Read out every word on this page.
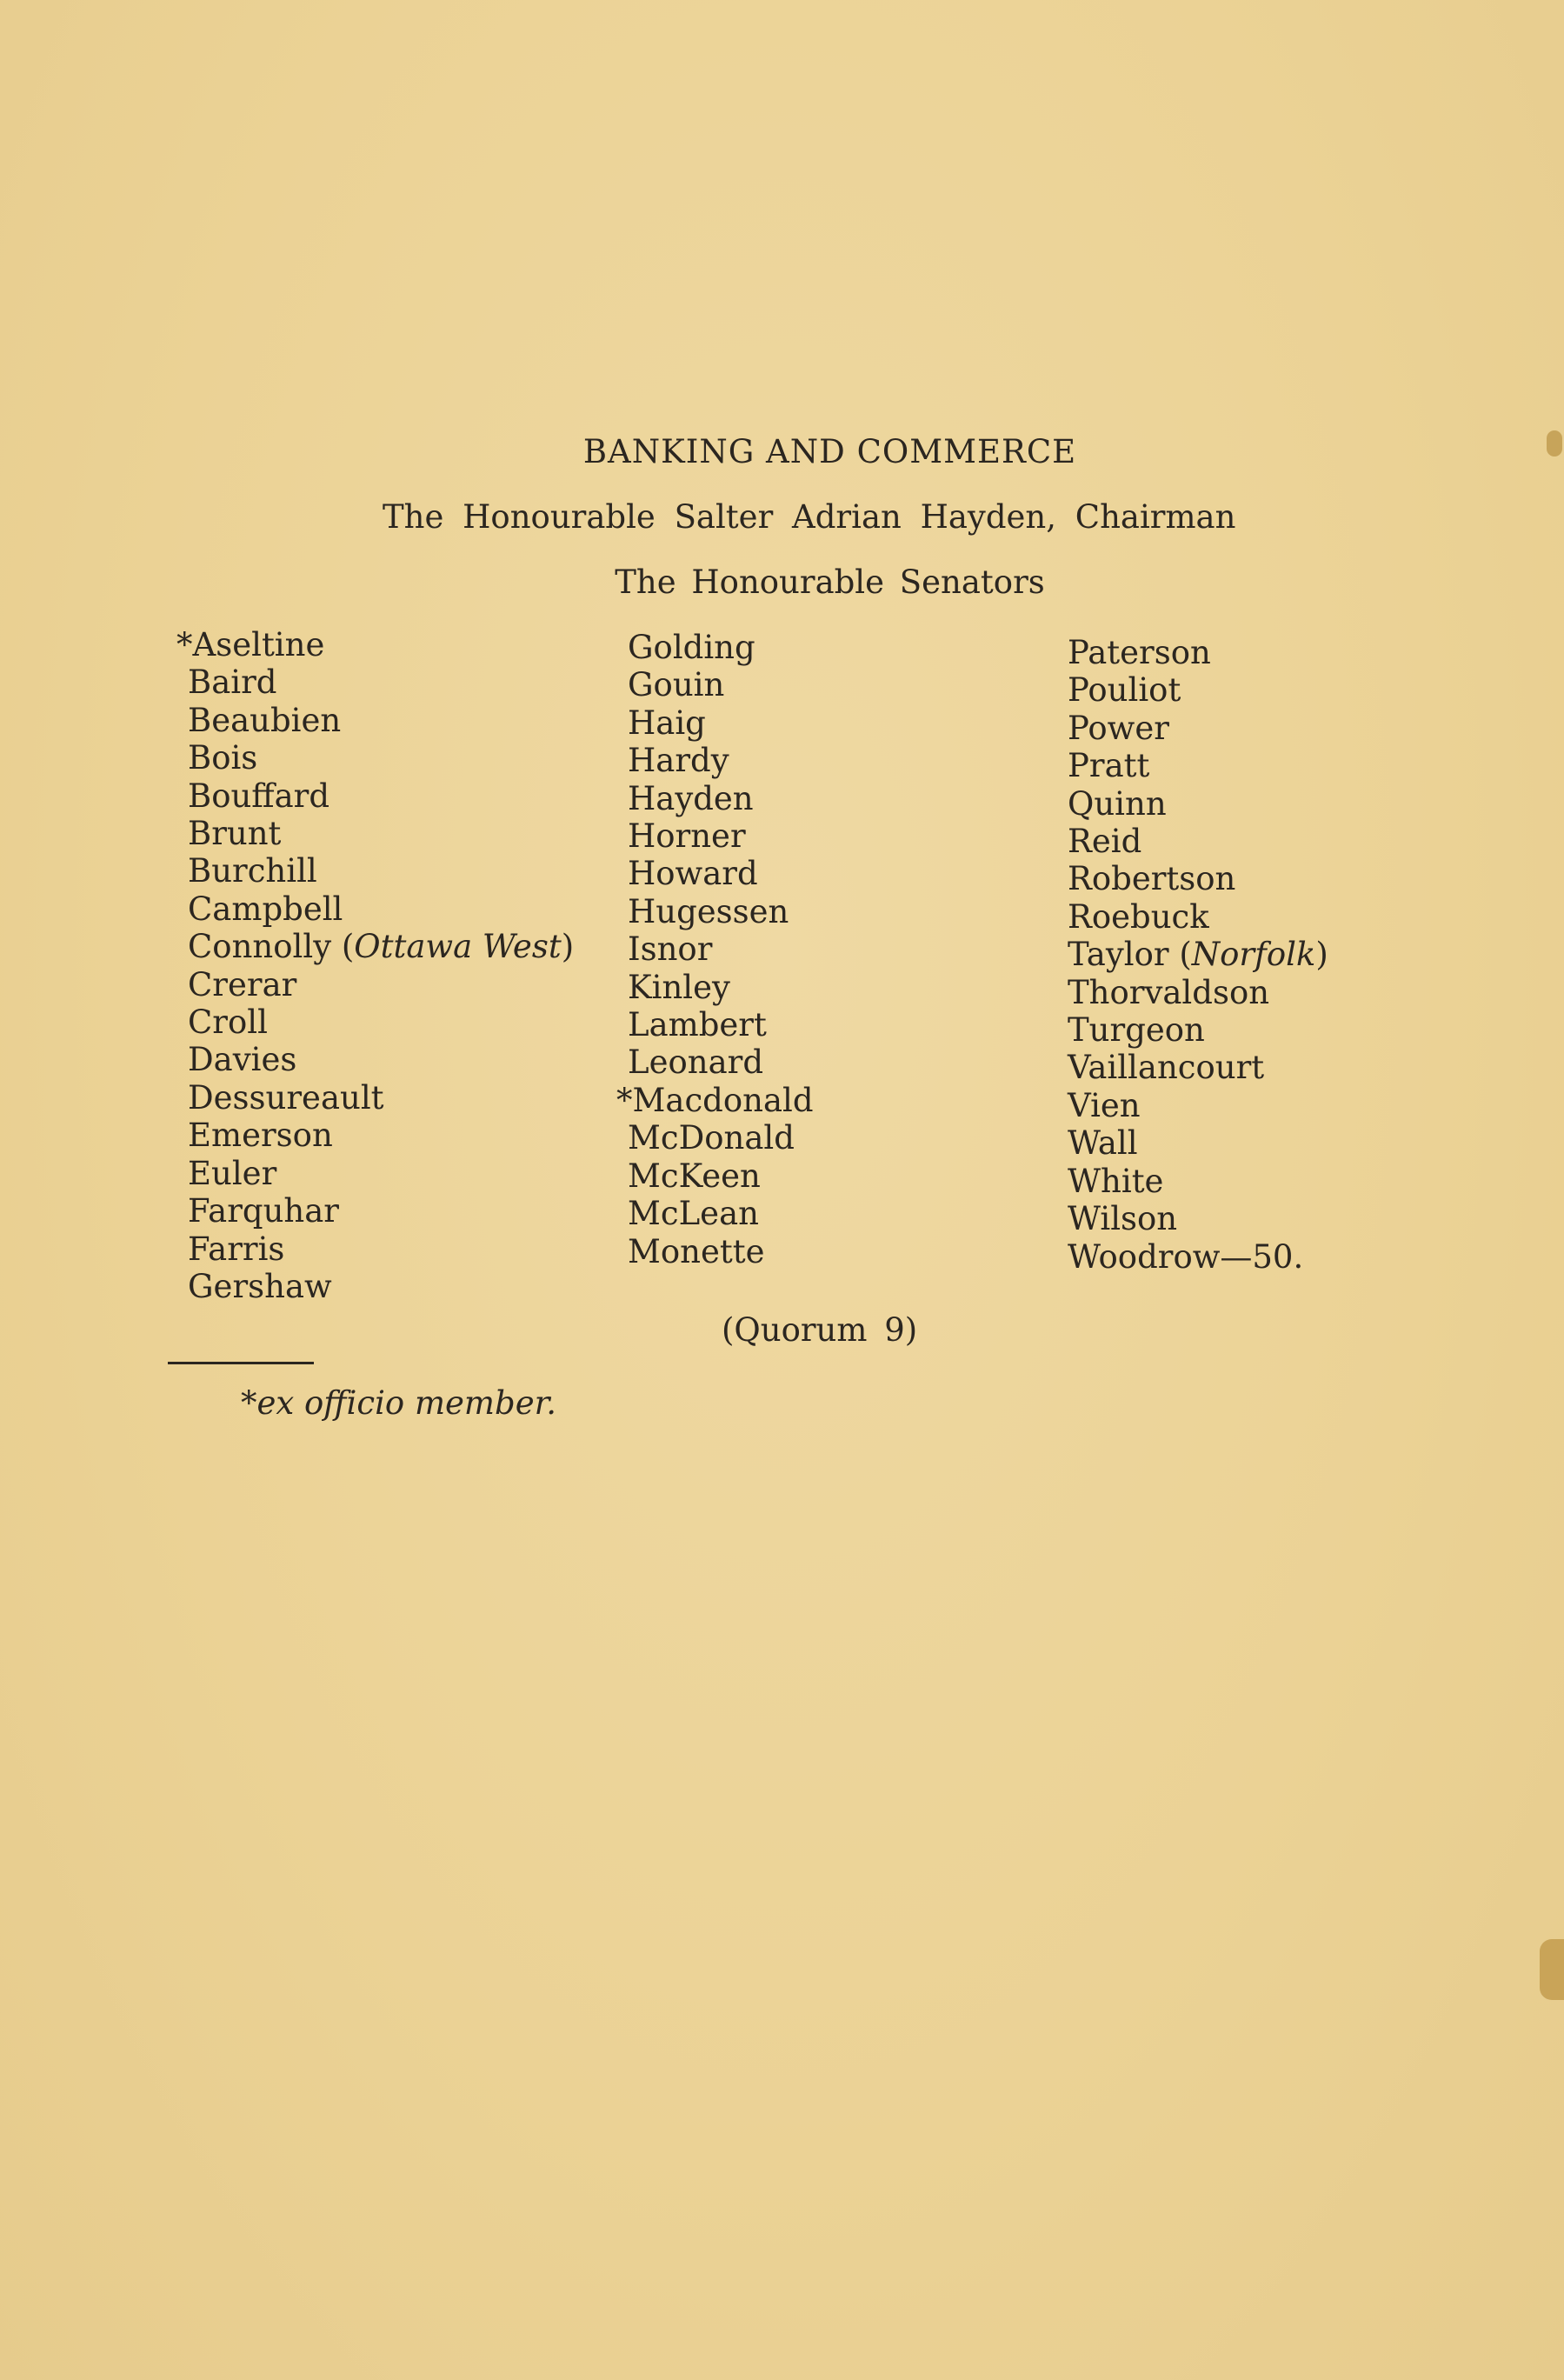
BANKING AND COMMERCE
The Honourable Salter Adrian Hayden, Chairman
The Honourable Senators
*Aseltine
Baird
Beaubien
Bois
Bouffard
Brunt
Burchill
Campbell
Connolly (Ottawa West)
Crerar
Croll
Davies
Dessureault
Emerson
Euler
Farquhar
Farris
Gershaw
Golding
Gouin
Haig
Hardy
Hayden
Horner
Howard
Hugessen
Isnor
Kinley
Lambert
Leonard
*Macdonald
McDonald
McKeen
McLean
Monette
Paterson
Pouliot
Power
Pratt
Quinn
Reid
Robertson
Roebuck
Taylor (Norfolk)
Thorvaldson
Turgeon
Vaillancourt
Vien
Wall
White
Wilson
Woodrow—50.
(Quorum 9)
*ex officio member.
